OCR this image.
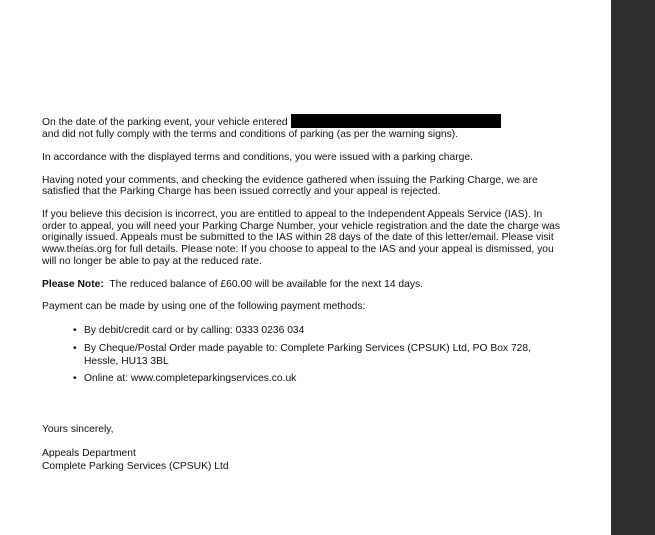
On the date of the parking event, your vehicle entered
and did not fully comply with the terms and conditions of parking (as per the warning signs).
In accordance with the displayed terms and conditions, you were issued with a parking charge.
Having noted your comments, and checking the evidence gathered when issuing the Parking Charge, we are
satisfied that the Parking Charge has been issued correctly and your appeal is rejected.
If you believe this decision is incorrect, you are entitled to appeal to the Independent Appeals Service (IAS). In
order to appeal, you will need your Parking Charge Number, your vehicle registration and the date the charge was
originally issued. Appeals must be submitted to the IAS within 28 days of the date of this letter/email. Please visit
www.theias.org for full details. Please note: If you choose to appeal to the IAS and your appeal is dismissed, you
will no longer be able to pay at the reduced rate.
Please Note: The reduced balance of £60.00 will be available for the next 14 days.
Payment can be made by using one of the following payment methods:
• By debit/credit card or by calling: 0333 0236 034
• By Cheque/Postal Order made payable to: Complete Parking Services (CPSUK) Ltd, PO Box 728,
Hessle, HU13 3BL
• Online at: www.completeparkingservices.co.uk
Yours sincerely,
Appeals Department
Complete Parking Services (CPSUK) Ltd
